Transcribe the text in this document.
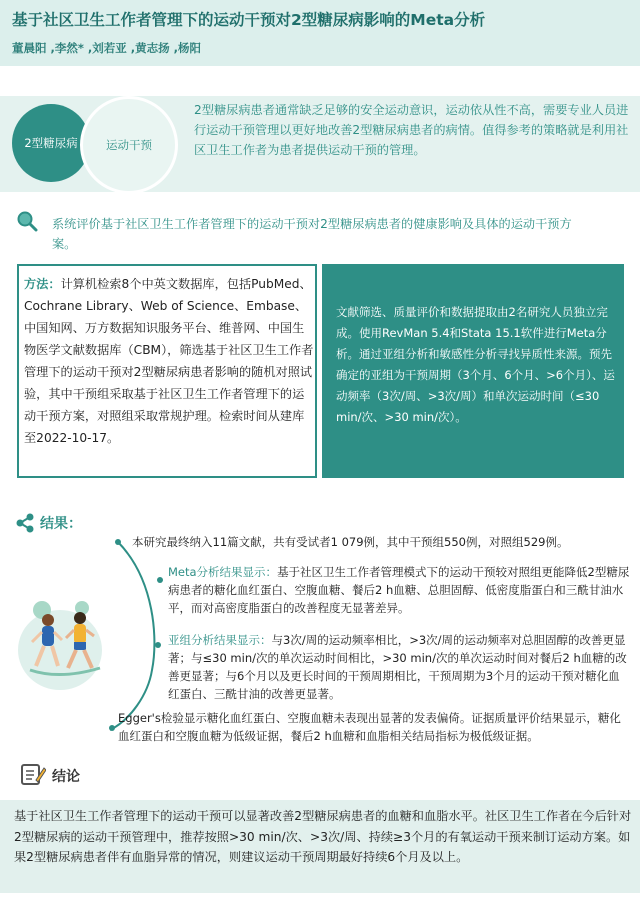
基于社区卫生工作者管理下的运动干预对2型糖尿病影响的Meta分析
董晨阳 ,李然* ,刘若亚 ,黄志扬 ,杨阳
2型糖尿病	运动干预
2型糖尿病患者通常缺乏足够的安全运动意识，运动依从性不高，需要专业人员进行运动干预管理以更好地改善2型糖尿病患者的病情。值得参考的策略就是利用社区卫生工作者为患者提供运动干预的管理。
系统评价基于社区卫生工作者管理下的运动干预对2型糖尿病患者的健康影响及具体的运动干预方案。
方法：计算机检索8个中英文数据库，包括PubMed、Cochrane Library、Web of Science、Embase、中国知网、万方数据知识服务平台、维普网、中国生物医学文献数据库（CBM），筛选基于社区卫生工作者管理下的运动干预对2型糖尿病患者影响的随机对照试验，其中干预组采取基于社区卫生工作者管理下的运动干预方案，对照组采取常规护理。检索时间从建库至2022-10-17。
文献筛选、质量评价和数据提取由2名研究人员独立完成。使用RevMan 5.4和Stata 15.1软件进行Meta分析。通过亚组分析和敏感性分析寻找异质性来源。预先确定的亚组为干预周期（3个月、6个月、>6个月）、运动频率（3次/周、>3次/周）和单次运动时间（≤30 min/次、>30 min/次）。
结果：
本研究最终纳入11篇文献，共有受试者1 079例，其中干预组550例，对照组529例。
Meta分析结果显示：基于社区卫生工作者管理模式下的运动干预较对照组更能降低2型糖尿病患者的糖化血红蛋白、空腹血糖、餐后2 h血糖、总胆固醇、低密度脂蛋白和三酰甘油水平，而对高密度脂蛋白的改善程度无显著差异。
亚组分析结果显示：与3次/周的运动频率相比，>3次/周的运动频率对总胆固醇的改善更显著；与≤30 min/次的单次运动时间相比，>30 min/次的单次运动时间对餐后2 h血糖的改善更显著；与6个月以及更长时间的干预周期相比，干预周期为3个月的运动干预对糖化血红蛋白、三酰甘油的改善更显著。
Egger's检验显示糖化血红蛋白、空腹血糖未表现出显著的发表偏倚。证据质量评价结果显示，糖化血红蛋白和空腹血糖为低级证据，餐后2 h血糖和血脂相关结局指标为极低级证据。
结论
基于社区卫生工作者管理下的运动干预可以显著改善2型糖尿病患者的血糖和血脂水平。社区卫生工作者在今后针对2型糖尿病的运动干预管理中，推荐按照>30 min/次、>3次/周、持续≥3个月的有氧运动干预来制订运动方案。如果2型糖尿病患者伴有血脂异常的情况，则建议运动干预周期最好持续6个月及以上。
